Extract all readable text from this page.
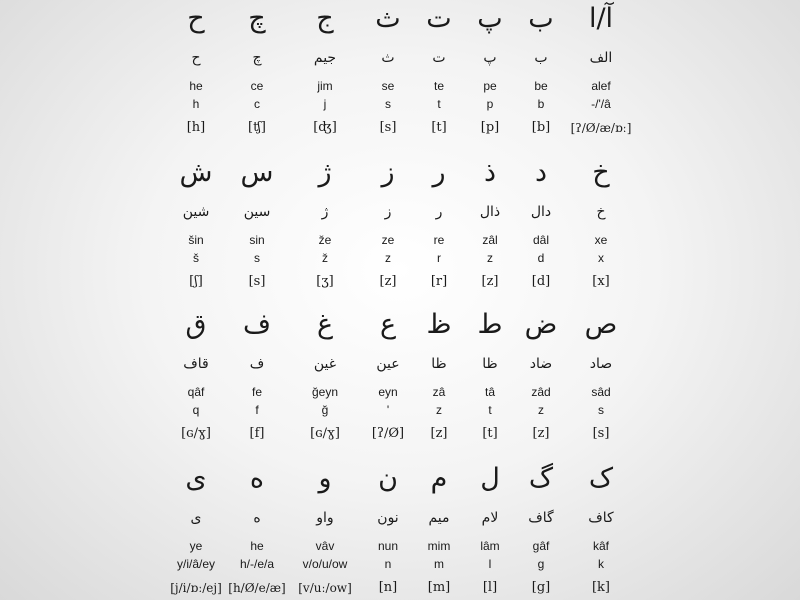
آ/ا
الف
alef
-/'/â
[ʔ/Ø/æ/ɒː]
ب
ب
be
b
[b]
پ
پ
pe
p
[p]
ت
ت
te
t
[t]
ث
ث
se
s
[s]
ج
جیم
jim
j
[ʤ]
چ
چ
ce
c
[ʧ]
ح
ح
he
h
[h]
خ
خ
xe
x
[x]
د
دال
dâl
d
[d]
ذ
ذال
zâl
z
[z]
ر
ر
re
r
[r]
ز
ز
ze
z
[z]
ژ
ژ
že
ž
[ʒ]
س
سین
sin
s
[s]
ش
شین
šin
š
[ʃ]
ص
صاد
sâd
s
[s]
ض
ضاد
zâd
z
[z]
ط
ظا
tâ
t
[t]
ظ
ظا
zâ
z
[z]
ع
عین
eyn
'
[ʔ/Ø]
غ
غین
ğeyn
ğ
[ɢ/ɣ]
ف
ف
fe
f
[f]
ق
قاف
qâf
q
[ɢ/ɣ]
ک
کاف
kâf
k
[k]
گ
گاف
gâf
g
[g]
ل
لام
lâm
l
[l]
م
میم
mim
m
[m]
ن
نون
nun
n
[n]
و
واو
vâv
v/o/u/ow
[v/uː/ow]
ه
ه
he
h/-/e/a
[h/Ø/e/æ]
ی
ی
ye
y/i/â/ey
[j/i/ɒː/ej]
